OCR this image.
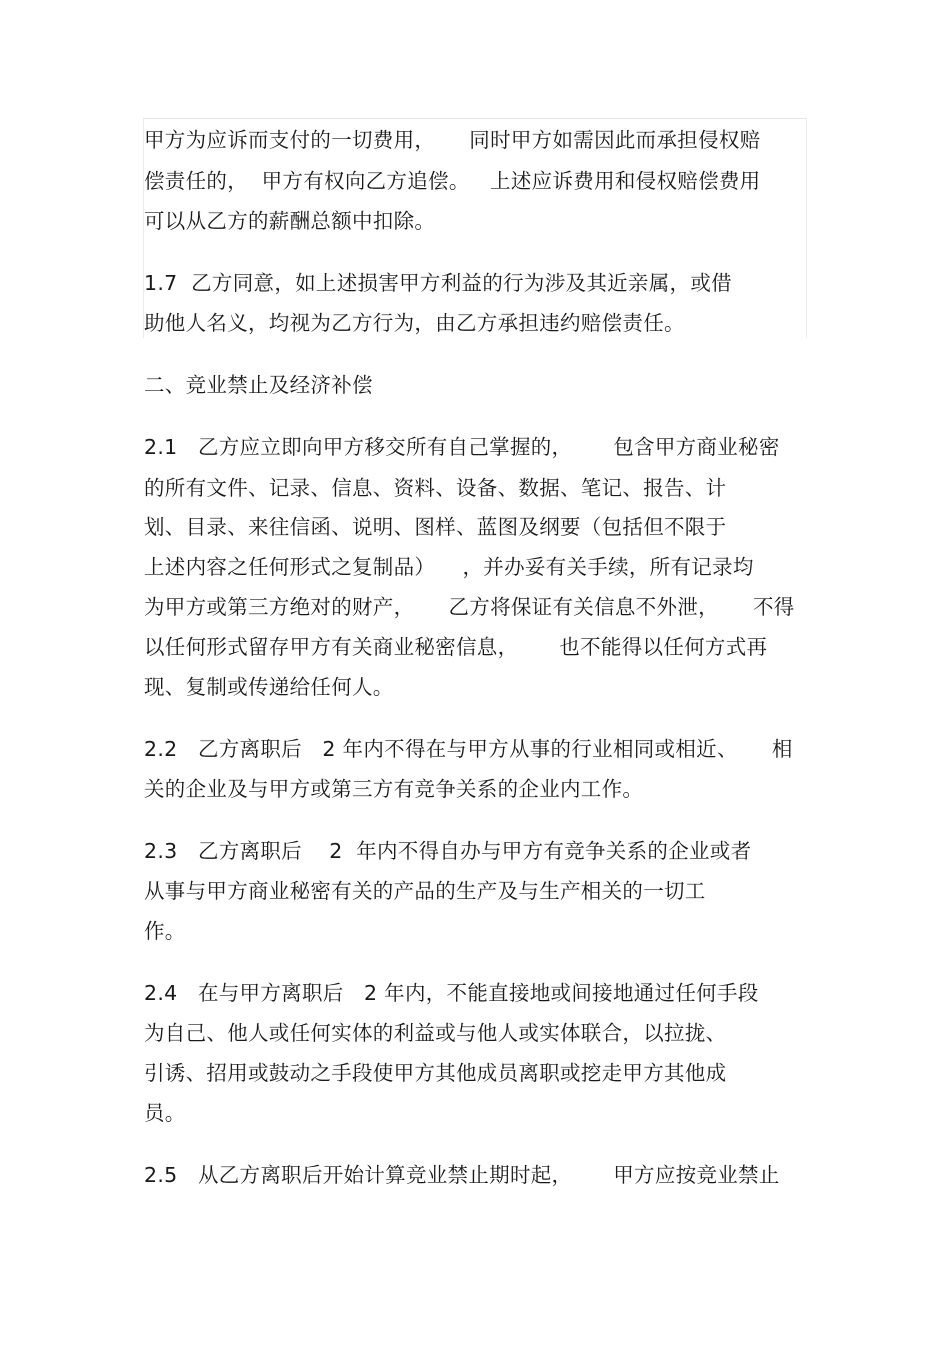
甲方为应诉而支付的一切费用，     同时甲方如需因此而承担侵权赔
偿责任的，  甲方有权向乙方追偿。   上述应诉费用和侵权赔偿费用
可以从乙方的薪酬总额中扣除。
1.7  乙方同意，如上述损害甲方利益的行为涉及其近亲属，或借
助他人名义，均视为乙方行为，由乙方承担违约赔偿责任。
二、竞业禁止及经济补偿
2.1   乙方应立即向甲方移交所有自己掌握的，      包含甲方商业秘密
的所有文件、记录、信息、资料、设备、数据、笔记、报告、计
划、目录、来往信函、说明、图样、蓝图及纲要（包括但不限于
上述内容之任何形式之复制品）    ，并办妥有关手续，所有记录均
为甲方或第三方绝对的财产，     乙方将保证有关信息不外泄，     不得
以任何形式留存甲方有关商业秘密信息，      也不能得以任何方式再
现、复制或传递给任何人。
2.2   乙方离职后   2 年内不得在与甲方从事的行业相同或相近、     相
关的企业及与甲方或第三方有竞争关系的企业内工作。
2.3   乙方离职后    2  年内不得自办与甲方有竞争关系的企业或者
从事与甲方商业秘密有关的产品的生产及与生产相关的一切工
作。
2.4   在与甲方离职后   2 年内，不能直接地或间接地通过任何手段
为自己、他人或任何实体的利益或与他人或实体联合，以拉拢、
引诱、招用或鼓动之手段使甲方其他成员离职或挖走甲方其他成
员。
2.5   从乙方离职后开始计算竞业禁止期时起，      甲方应按竞业禁止
